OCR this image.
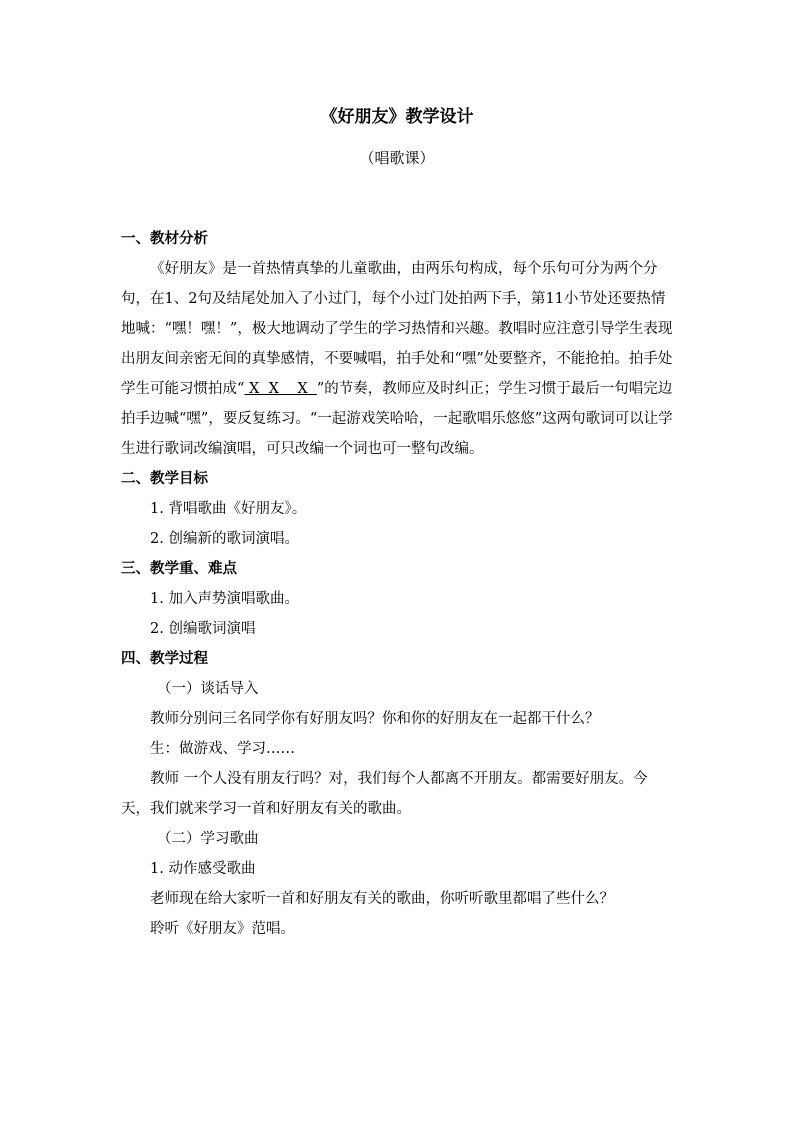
《好朋友》教学设计
（唱歌课）

一、教材分析

《好朋友》是一首热情真挚的儿童歌曲，由两乐句构成，每个乐句可分为两个分句，在1、2句及结尾处加入了小过门，每个小过门处拍两下手，第11小节处还要热情地喊：“嘿！嘿！”，极大地调动了学生的学习热情和兴趣。教唱时应注意引导学生表现出朋友间亲密无间的真挚感情，不要喊唱，拍手处和“嘿”处要整齐，不能抢拍。拍手处学生可能习惯拍成“ X  X    X  ”的节奏，教师应及时纠正；学生习惯于最后一句唱完边拍手边喊“嘿”，要反复练习。“一起游戏笑哈哈，一起歌唱乐悠悠”这两句歌词可以让学生进行歌词改编演唱，可只改编一个词也可一整句改编。

二、教学目标

1. 背唱歌曲《好朋友》。

2. 创编新的歌词演唱。

三、教学重、难点

1. 加入声势演唱歌曲。

2. 创编歌词演唱

四、教学过程

（一）谈话导入

教师分别问三名同学你有好朋友吗？你和你的好朋友在一起都干什么？

生：做游戏、学习……

教师 一个人没有朋友行吗？对，我们每个人都离不开朋友。都需要好朋友。今天，我们就来学习一首和好朋友有关的歌曲。

（二）学习歌曲

1. 动作感受歌曲

老师现在给大家听一首和好朋友有关的歌曲，你听听歌里都唱了些什么？

聆听《好朋友》范唱。
